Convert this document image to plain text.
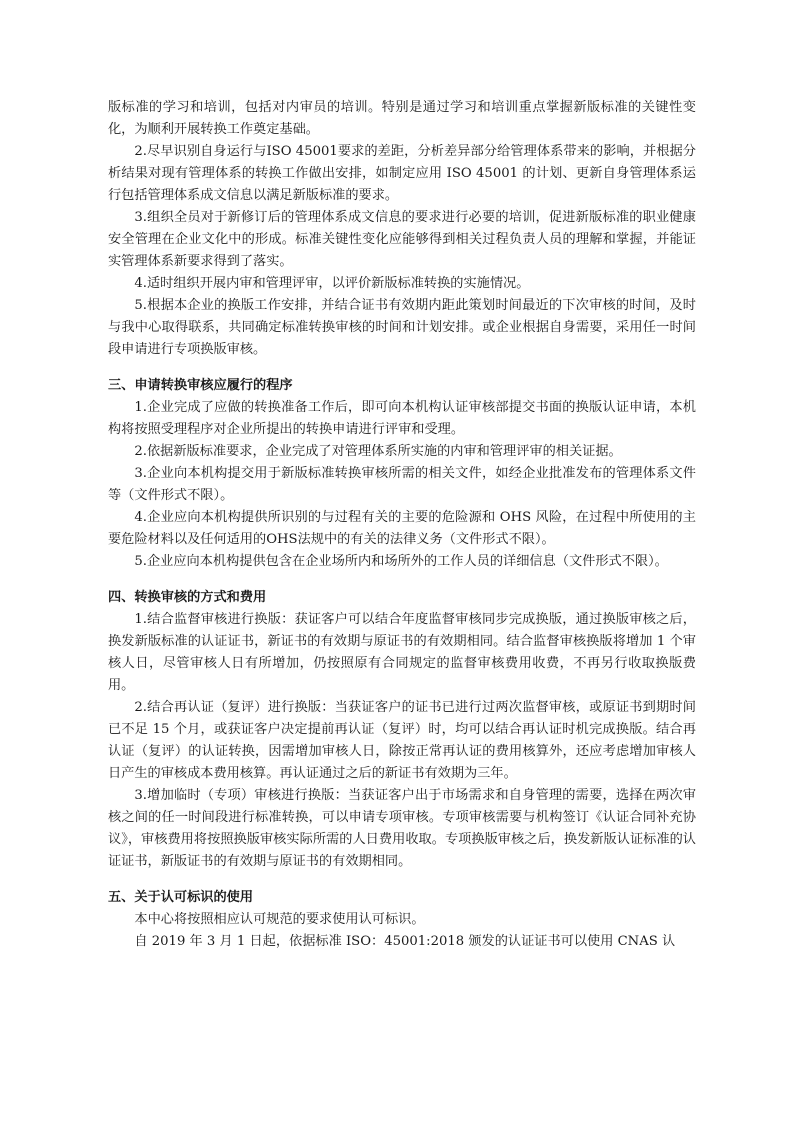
版标准的学习和培训，包括对内审员的培训。特别是通过学习和培训重点掌握新版标准的关键性变化，为顺利开展转换工作奠定基础。

2.尽早识别自身运行与ISO 45001要求的差距，分析差异部分给管理体系带来的影响，并根据分析结果对现有管理体系的转换工作做出安排，如制定应用 ISO 45001 的计划、更新自身管理体系运行包括管理体系成文信息以满足新版标准的要求。

3.组织全员对于新修订后的管理体系成文信息的要求进行必要的培训，促进新版标准的职业健康安全管理在企业文化中的形成。标准关键性变化应能够得到相关过程负责人员的理解和掌握，并能证实管理体系新要求得到了落实。

4.适时组织开展内审和管理评审，以评价新版标准转换的实施情况。

5.根据本企业的换版工作安排，并结合证书有效期内距此策划时间最近的下次审核的时间，及时与我中心取得联系，共同确定标准转换审核的时间和计划安排。或企业根据自身需要，采用任一时间段申请进行专项换版审核。

三、申请转换审核应履行的程序

1.企业完成了应做的转换准备工作后，即可向本机构认证审核部提交书面的换版认证申请，本机构将按照受理程序对企业所提出的转换申请进行评审和受理。

2.依据新版标准要求，企业完成了对管理体系所实施的内审和管理评审的相关证据。

3.企业向本机构提交用于新版标准转换审核所需的相关文件，如经企业批准发布的管理体系文件等（文件形式不限）。

4.企业应向本机构提供所识别的与过程有关的主要的危险源和 OHS 风险，在过程中所使用的主要危险材料以及任何适用的OHS法规中的有关的法律义务（文件形式不限）。

5.企业应向本机构提供包含在企业场所内和场所外的工作人员的详细信息（文件形式不限）。

四、转换审核的方式和费用

1.结合监督审核进行换版：获证客户可以结合年度监督审核同步完成换版，通过换版审核之后，换发新版标准的认证证书，新证书的有效期与原证书的有效期相同。结合监督审核换版将增加 1 个审核人日，尽管审核人日有所增加，仍按照原有合同规定的监督审核费用收费，不再另行收取换版费用。

2.结合再认证（复评）进行换版：当获证客户的证书已进行过两次监督审核，或原证书到期时间已不足 15 个月，或获证客户决定提前再认证（复评）时，均可以结合再认证时机完成换版。结合再认证（复评）的认证转换，因需增加审核人日，除按正常再认证的费用核算外，还应考虑增加审核人日产生的审核成本费用核算。再认证通过之后的新证书有效期为三年。

3.增加临时（专项）审核进行换版：当获证客户出于市场需求和自身管理的需要，选择在两次审核之间的任一时间段进行标准转换，可以申请专项审核。专项审核需要与机构签订《认证合同补充协议》，审核费用将按照换版审核实际所需的人日费用收取。专项换版审核之后，换发新版认证标准的认证证书，新版证书的有效期与原证书的有效期相同。

五、关于认可标识的使用

本中心将按照相应认可规范的要求使用认可标识。

自 2019 年 3 月 1 日起，依据标准 ISO：45001:2018 颁发的认证证书可以使用 CNAS 认
